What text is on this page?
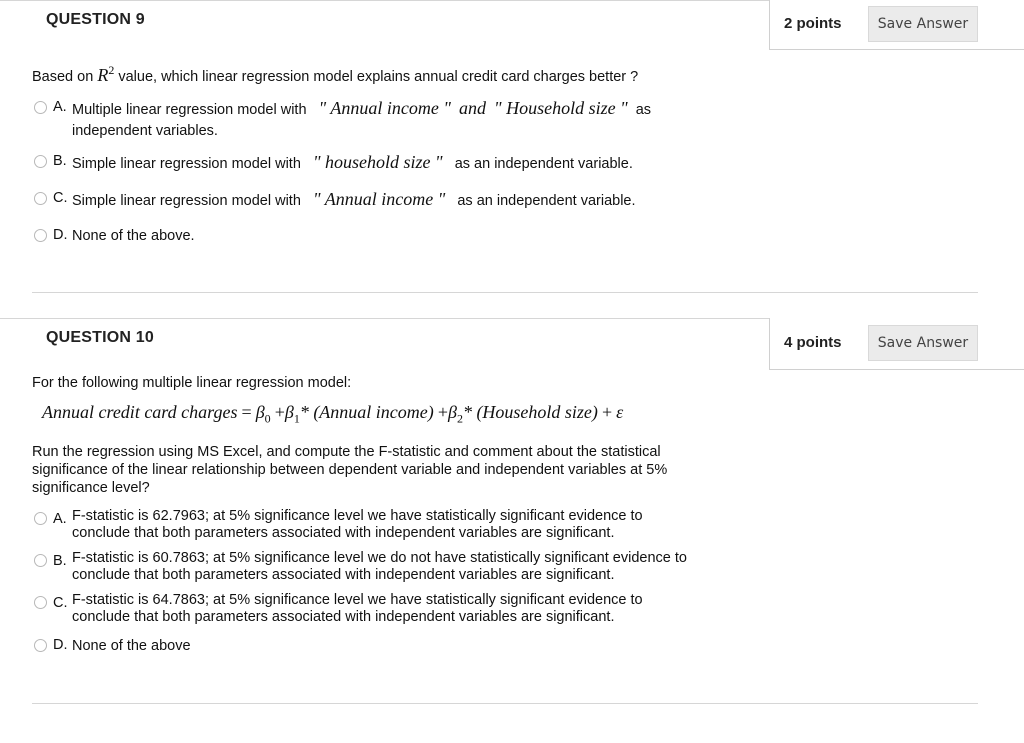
QUESTION 9	2 points	Save Answer
Based on $R^2$ value, which linear regression model explains annual credit card charges better ?
A. Multiple linear regression model with " Annual income " and " Household size " as
independent variables.
B. Simple linear regression model with " household size " as an independent variable.
C. Simple linear regression model with " Annual income " as an independent variable.
D. None of the above.
QUESTION 10	4 points	Save Answer
For the following multiple linear regression model:
Annual credit card charges = $\beta_0 +\beta_1*$ (Annual income) $+\beta_2*$ (Household size) + ε
Run the regression using MS Excel, and compute the F-statistic and comment about the statistical significance of the linear relationship between dependent variable and independent variables at 5% significance level?
A. F-statistic is 62.7963; at 5% significance level we have statistically significant evidence to
conclude that both parameters associated with independent variables are significant.
B. F-statistic is 60.7863; at 5% significance level we do not have statistically significant evidence to
conclude that both parameters associated with independent variables are significant.
C. F-statistic is 64.7863; at 5% significance level we have statistically significant evidence to
conclude that both parameters associated with independent variables are significant.
D. None of the above
